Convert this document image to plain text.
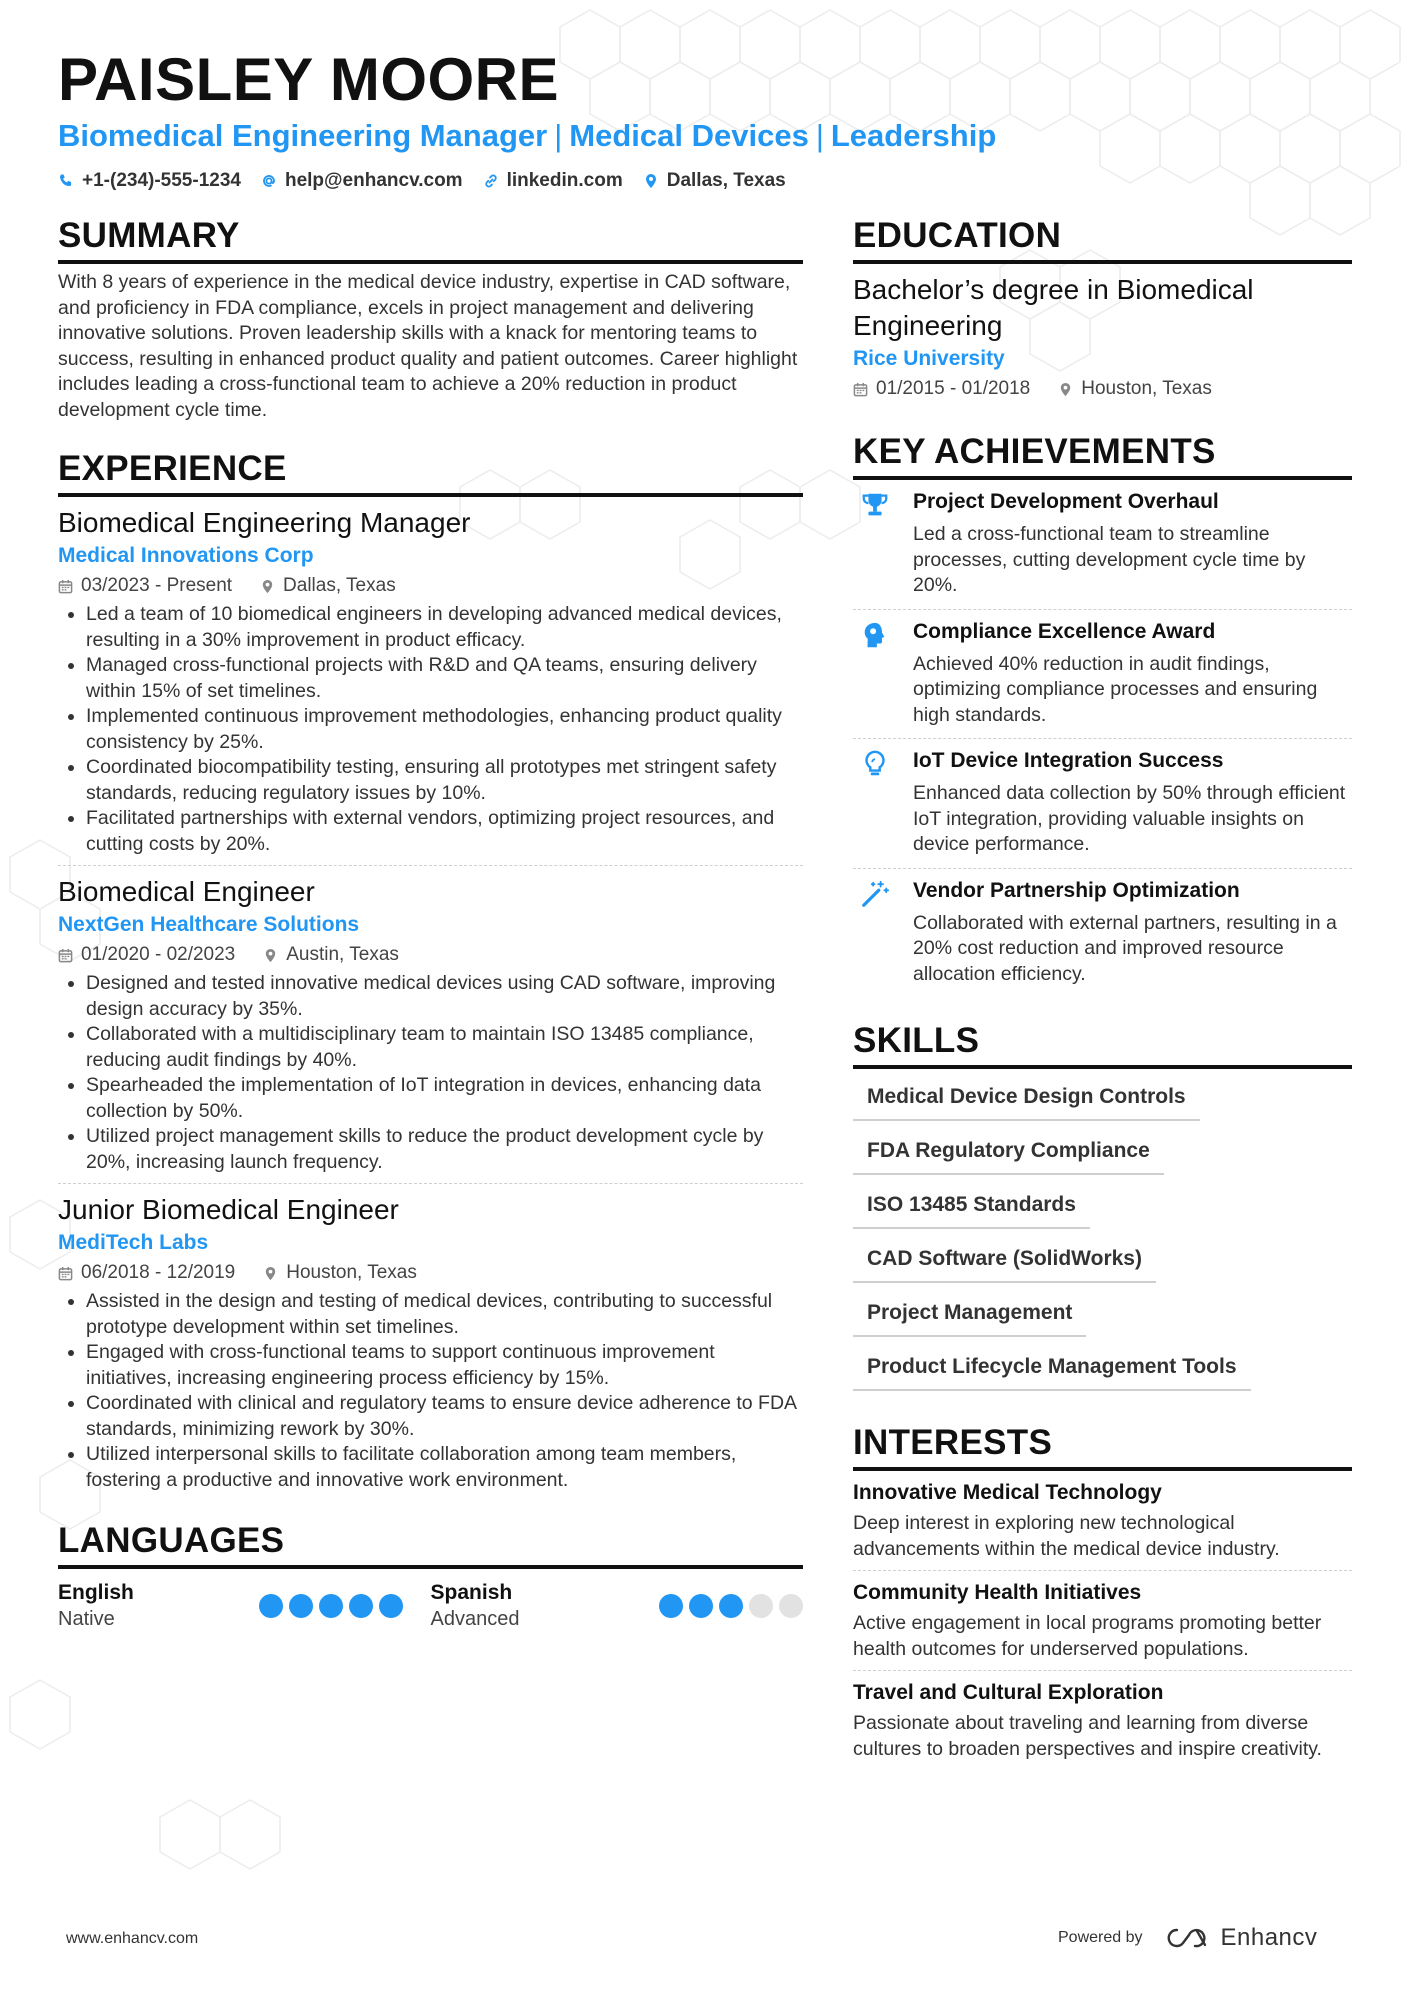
PAISLEY MOORE
Biomedical Engineering Manager | Medical Devices | Leadership
+1-(234)-555-1234 help@enhancv.com linkedin.com Dallas, Texas
SUMMARY
With 8 years of experience in the medical device industry, expertise in CAD software, and proficiency in FDA compliance, excels in project management and delivering innovative solutions. Proven leadership skills with a knack for mentoring teams to success, resulting in enhanced product quality and patient outcomes. Career highlight includes leading a cross-functional team to achieve a 20% reduction in product development cycle time.
EXPERIENCE
Biomedical Engineering Manager
Medical Innovations Corp
03/2023 - Present	Dallas, Texas
• Led a team of 10 biomedical engineers in developing advanced medical devices, resulting in a 30% improvement in product efficacy.
• Managed cross-functional projects with R&D and QA teams, ensuring delivery within 15% of set timelines.
• Implemented continuous improvement methodologies, enhancing product quality consistency by 25%.
• Coordinated biocompatibility testing, ensuring all prototypes met stringent safety standards, reducing regulatory issues by 10%.
• Facilitated partnerships with external vendors, optimizing project resources, and cutting costs by 20%.
Biomedical Engineer
NextGen Healthcare Solutions
01/2020 - 02/2023	Austin, Texas
• Designed and tested innovative medical devices using CAD software, improving design accuracy by 35%.
• Collaborated with a multidisciplinary team to maintain ISO 13485 compliance, reducing audit findings by 40%.
• Spearheaded the implementation of IoT integration in devices, enhancing data collection by 50%.
• Utilized project management skills to reduce the product development cycle by 20%, increasing launch frequency.
Junior Biomedical Engineer
MediTech Labs
06/2018 - 12/2019	Houston, Texas
• Assisted in the design and testing of medical devices, contributing to successful prototype development within set timelines.
• Engaged with cross-functional teams to support continuous improvement initiatives, increasing engineering process efficiency by 15%.
• Coordinated with clinical and regulatory teams to ensure device adherence to FDA standards, minimizing rework by 30%.
• Utilized interpersonal skills to facilitate collaboration among team members, fostering a productive and innovative work environment.
LANGUAGES
English
Native
Spanish
Advanced
EDUCATION
Bachelor’s degree in Biomedical Engineering
Rice University
01/2015 - 01/2018	Houston, Texas
KEY ACHIEVEMENTS
Project Development Overhaul
Led a cross-functional team to streamline processes, cutting development cycle time by 20%.
Compliance Excellence Award
Achieved 40% reduction in audit findings, optimizing compliance processes and ensuring high standards.
IoT Device Integration Success
Enhanced data collection by 50% through efficient IoT integration, providing valuable insights on device performance.
Vendor Partnership Optimization
Collaborated with external partners, resulting in a 20% cost reduction and improved resource allocation efficiency.
SKILLS
Medical Device Design Controls
FDA Regulatory Compliance
ISO 13485 Standards
CAD Software (SolidWorks)
Project Management
Product Lifecycle Management Tools
INTERESTS
Innovative Medical Technology
Deep interest in exploring new technological advancements within the medical device industry.
Community Health Initiatives
Active engagement in local programs promoting better health outcomes for underserved populations.
Travel and Cultural Exploration
Passionate about traveling and learning from diverse cultures to broaden perspectives and inspire creativity.
www.enhancv.com	Powered by	Enhancv
